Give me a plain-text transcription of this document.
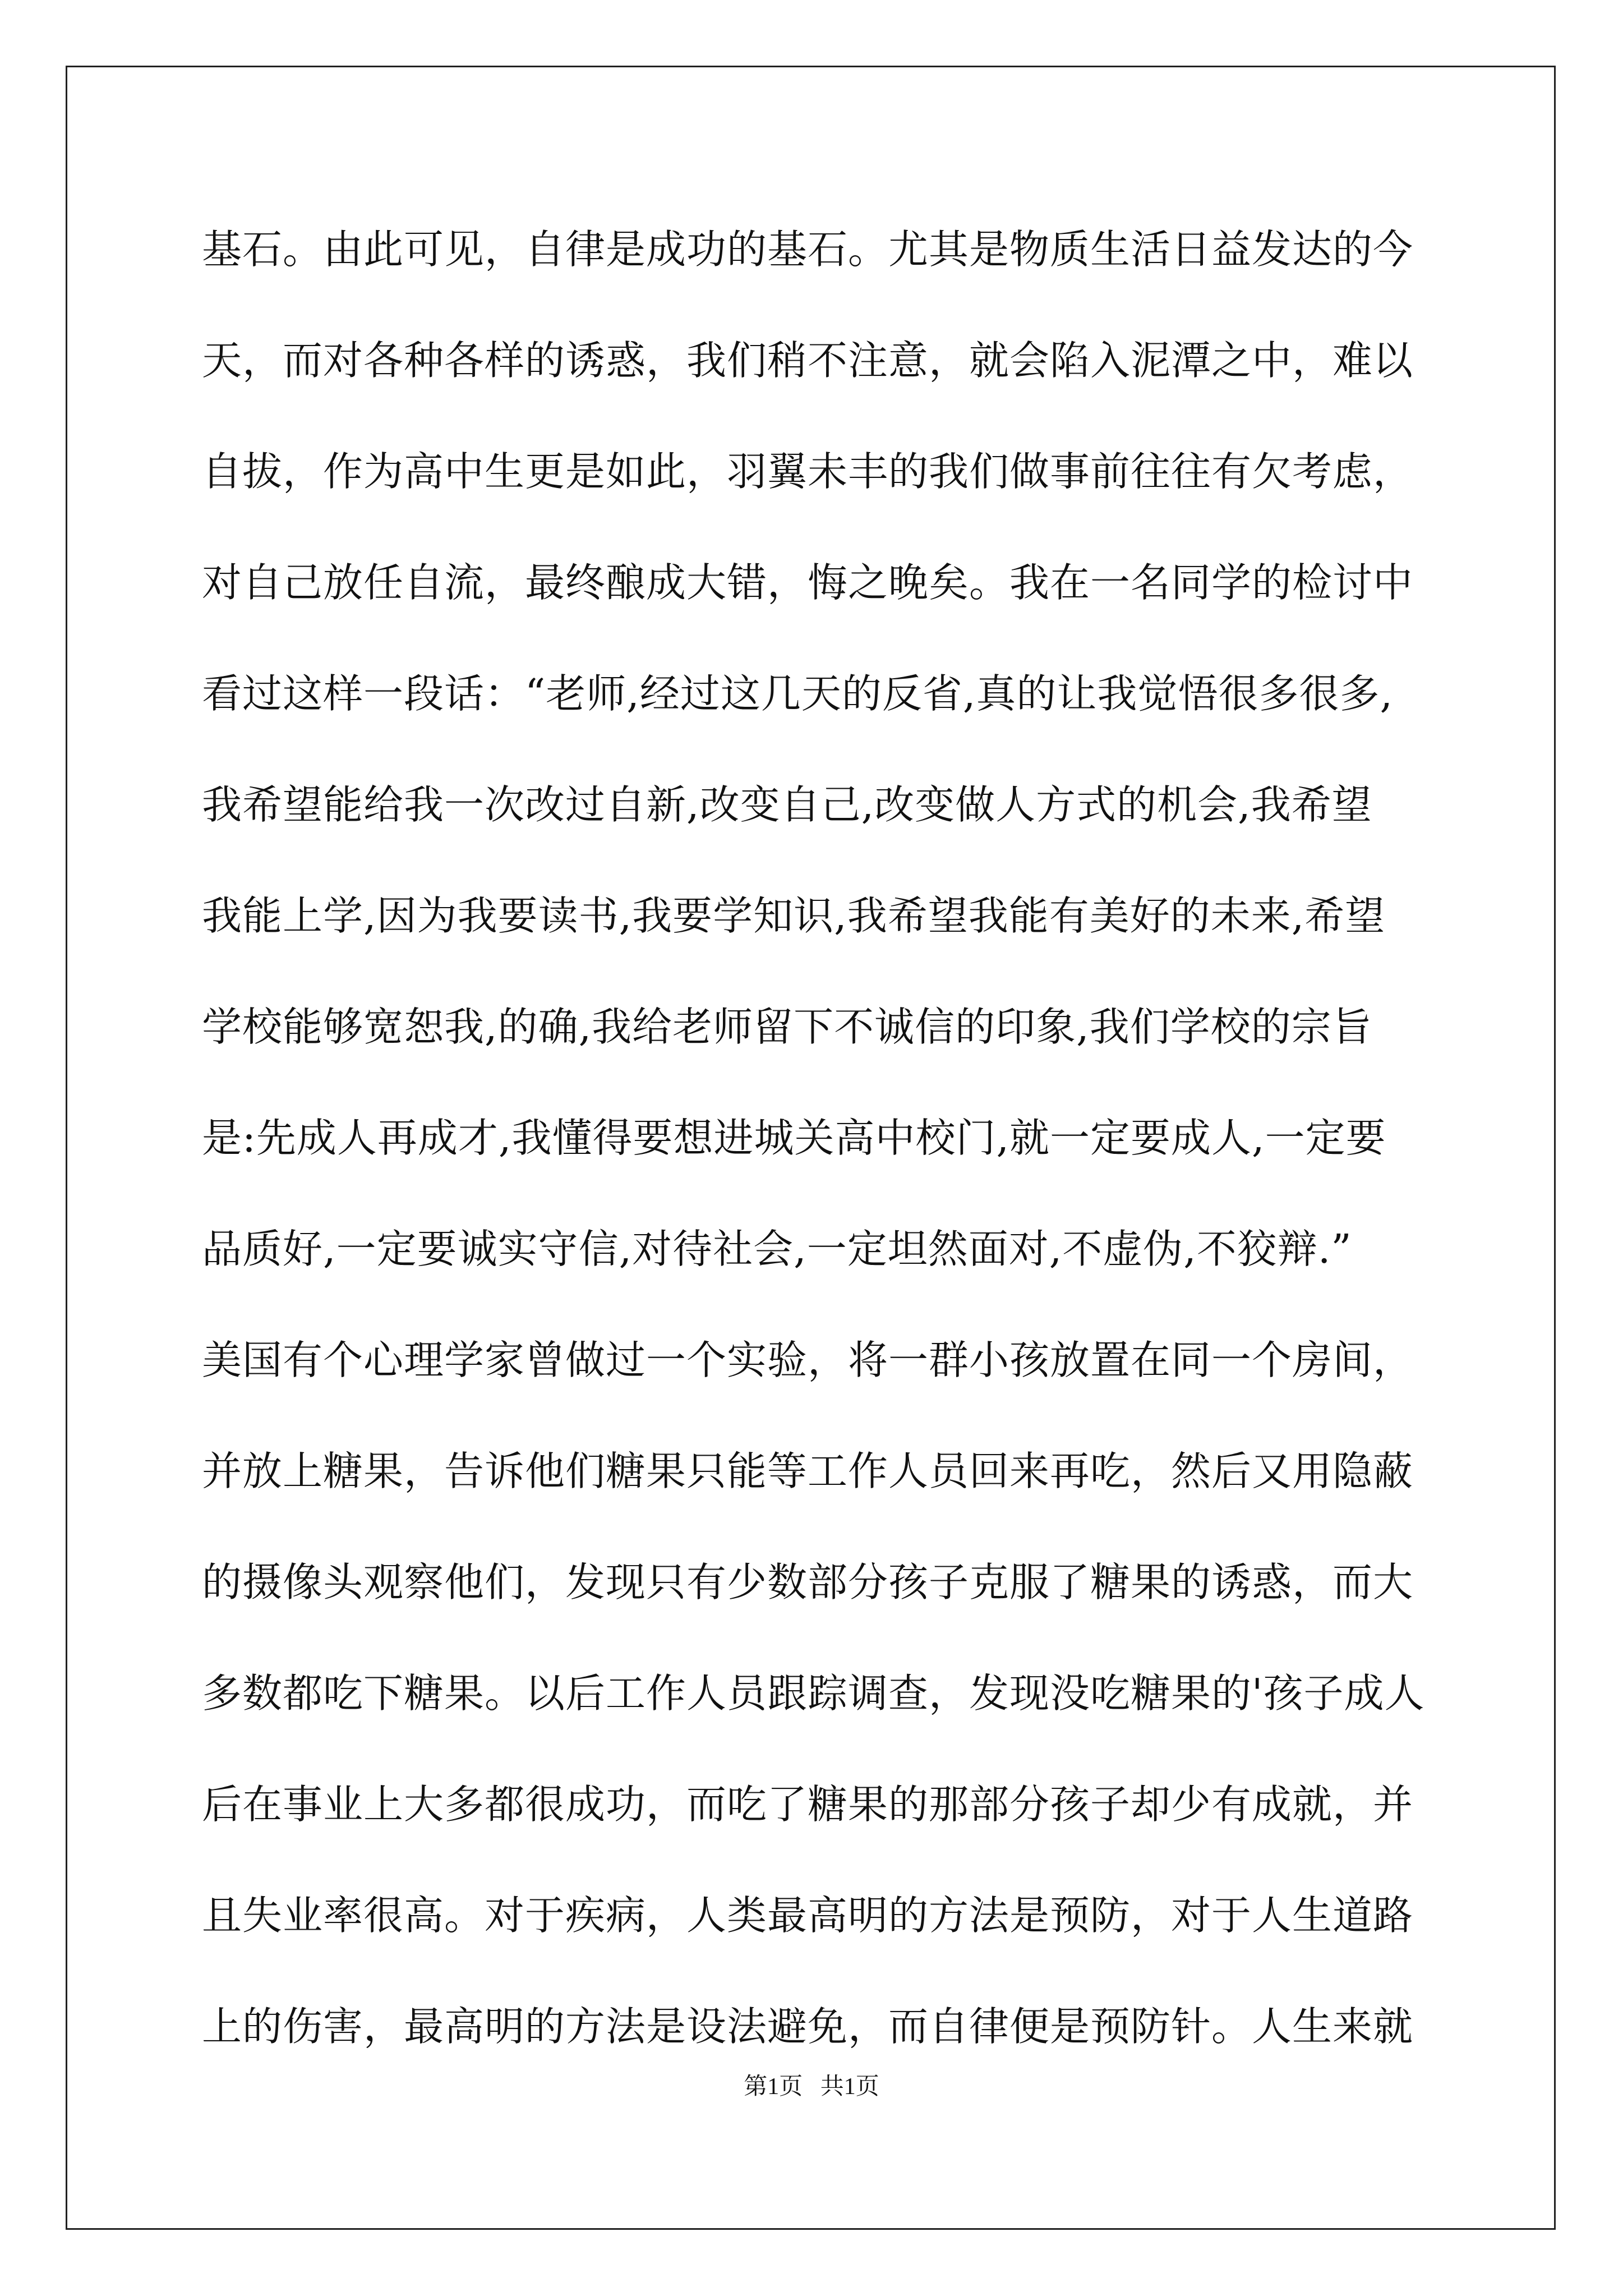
基石。由此可见，自律是成功的基石。尤其是物质生活日益发达的今
天，而对各种各样的诱惑，我们稍不注意，就会陷入泥潭之中，难以
自拔，作为高中生更是如此，羽翼未丰的我们做事前往往有欠考虑，
对自己放任自流，最终酿成大错，悔之晚矣。我在一名同学的检讨中
看过这样一段话：“老师,经过这几天的反省,真的让我觉悟很多很多,
我希望能给我一次改过自新,改变自己,改变做人方式的机会,我希望
我能上学,因为我要读书,我要学知识,我希望我能有美好的未来,希望
学校能够宽恕我,的确,我给老师留下不诚信的印象,我们学校的宗旨
是:先成人再成才,我懂得要想进城关高中校门,就一定要成人,一定要
品质好,一定要诚实守信,对待社会,一定坦然面对,不虚伪,不狡辩.”
美国有个心理学家曾做过一个实验，将一群小孩放置在同一个房间，
并放上糖果，告诉他们糖果只能等工作人员回来再吃，然后又用隐蔽
的摄像头观察他们，发现只有少数部分孩子克服了糖果的诱惑，而大
多数都吃下糖果。以后工作人员跟踪调查，发现没吃糖果的'孩子成人
后在事业上大多都很成功，而吃了糖果的那部分孩子却少有成就，并
且失业率很高。对于疾病，人类最高明的方法是预防，对于人生道路
上的伤害，最高明的方法是设法避免，而自律便是预防针。人生来就
第1页   共1页
